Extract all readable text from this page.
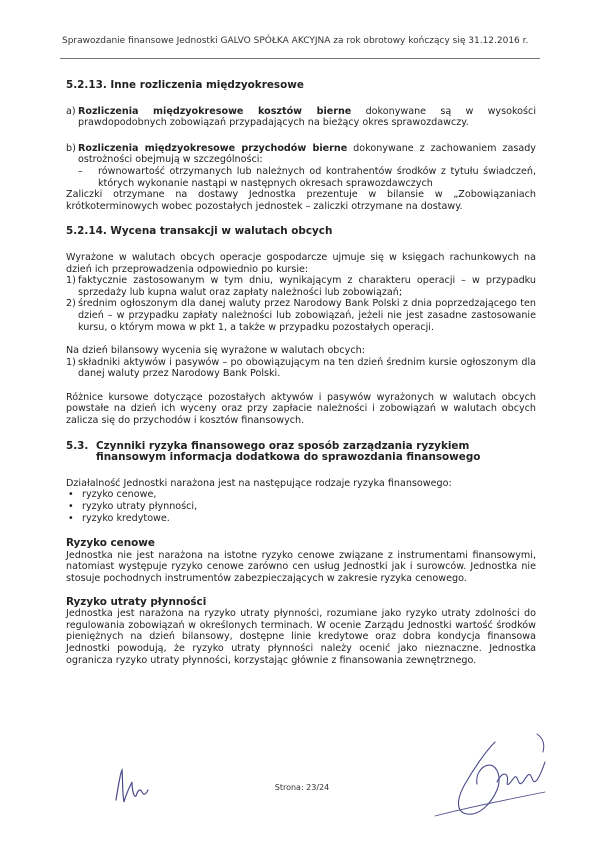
Sprawozdanie finansowe Jednostki GALVO SPÓŁKA AKCYJNA za rok obrotowy kończący się 31.12.2016 r.

5.2.13. Inne rozliczenia międzyokresowe

a) Rozliczenia międzyokresowe kosztów bierne dokonywane są w wysokości prawdopodobnych zobowiązań przypadających na bieżący okres sprawozdawczy.
b) Rozliczenia międzyokresowe przychodów bierne dokonywane z zachowaniem zasady ostrożności obejmują w szczególności:
–	równowartość otrzymanych lub należnych od kontrahentów środków z tytułu świadczeń, których wykonanie nastąpi w następnych okresach sprawozdawczych

Zaliczki otrzymane na dostawy Jednostka prezentuje w bilansie w „Zobowiązaniach krótkoterminowych wobec pozostałych jednostek – zaliczki otrzymane na dostawy.

5.2.14. Wycena transakcji w walutach obcych

Wyrażone w walutach obcych operacje gospodarcze ujmuje się w księgach rachunkowych na dzień ich przeprowadzenia odpowiednio po kursie:

1) faktycznie zastosowanym w tym dniu, wynikającym z charakteru operacji – w przypadku sprzedaży lub kupna walut oraz zapłaty należności lub zobowiązań;
2) średnim ogłoszonym dla danej waluty przez Narodowy Bank Polski z dnia poprzedzającego ten dzień – w przypadku zapłaty należności lub zobowiązań, jeżeli nie jest zasadne zastosowanie kursu, o którym mowa w pkt 1, a także w przypadku pozostałych operacji.

Na dzień bilansowy wycenia się wyrażone w walutach obcych:

1) składniki aktywów i pasywów – po obowiązującym na ten dzień średnim kursie ogłoszonym dla danej waluty przez Narodowy Bank Polski.

Różnice kursowe dotyczące pozostałych aktywów i pasywów wyrażonych w walutach obcych powstałe na dzień ich wyceny oraz przy zapłacie należności i zobowiązań w walutach obcych zalicza się do przychodów i kosztów finansowych.

5.3. Czynniki ryzyka finansowego oraz sposób zarządzania ryzykiem finansowym informacja dodatkowa do sprawozdania finansowego

Działalność Jednostki narażona jest na następujące rodzaje ryzyka finansowego:

• ryzyko cenowe,
• ryzyko utraty płynności,
• ryzyko kredytowe.

Ryzyko cenowe

Jednostka nie jest narażona na istotne ryzyko cenowe związane z instrumentami finansowymi, natomiast występuje ryzyko cenowe zarówno cen usług Jednostki jak i surowców. Jednostka nie stosuje pochodnych instrumentów zabezpieczających w zakresie ryzyka cenowego.

Ryzyko utraty płynności

Jednostka jest narażona na ryzyko utraty płynności, rozumiane jako ryzyko utraty zdolności do regulowania zobowiązań w określonych terminach. W ocenie Zarządu Jednostki wartość środków pieniężnych na dzień bilansowy, dostępne linie kredytowe oraz dobra kondycja finansowa Jednostki powodują, że ryzyko utraty płynności należy ocenić jako nieznaczne. Jednostka ogranicza ryzyko utraty płynności, korzystając głównie z finansowania zewnętrznego.

Strona: 23/24
